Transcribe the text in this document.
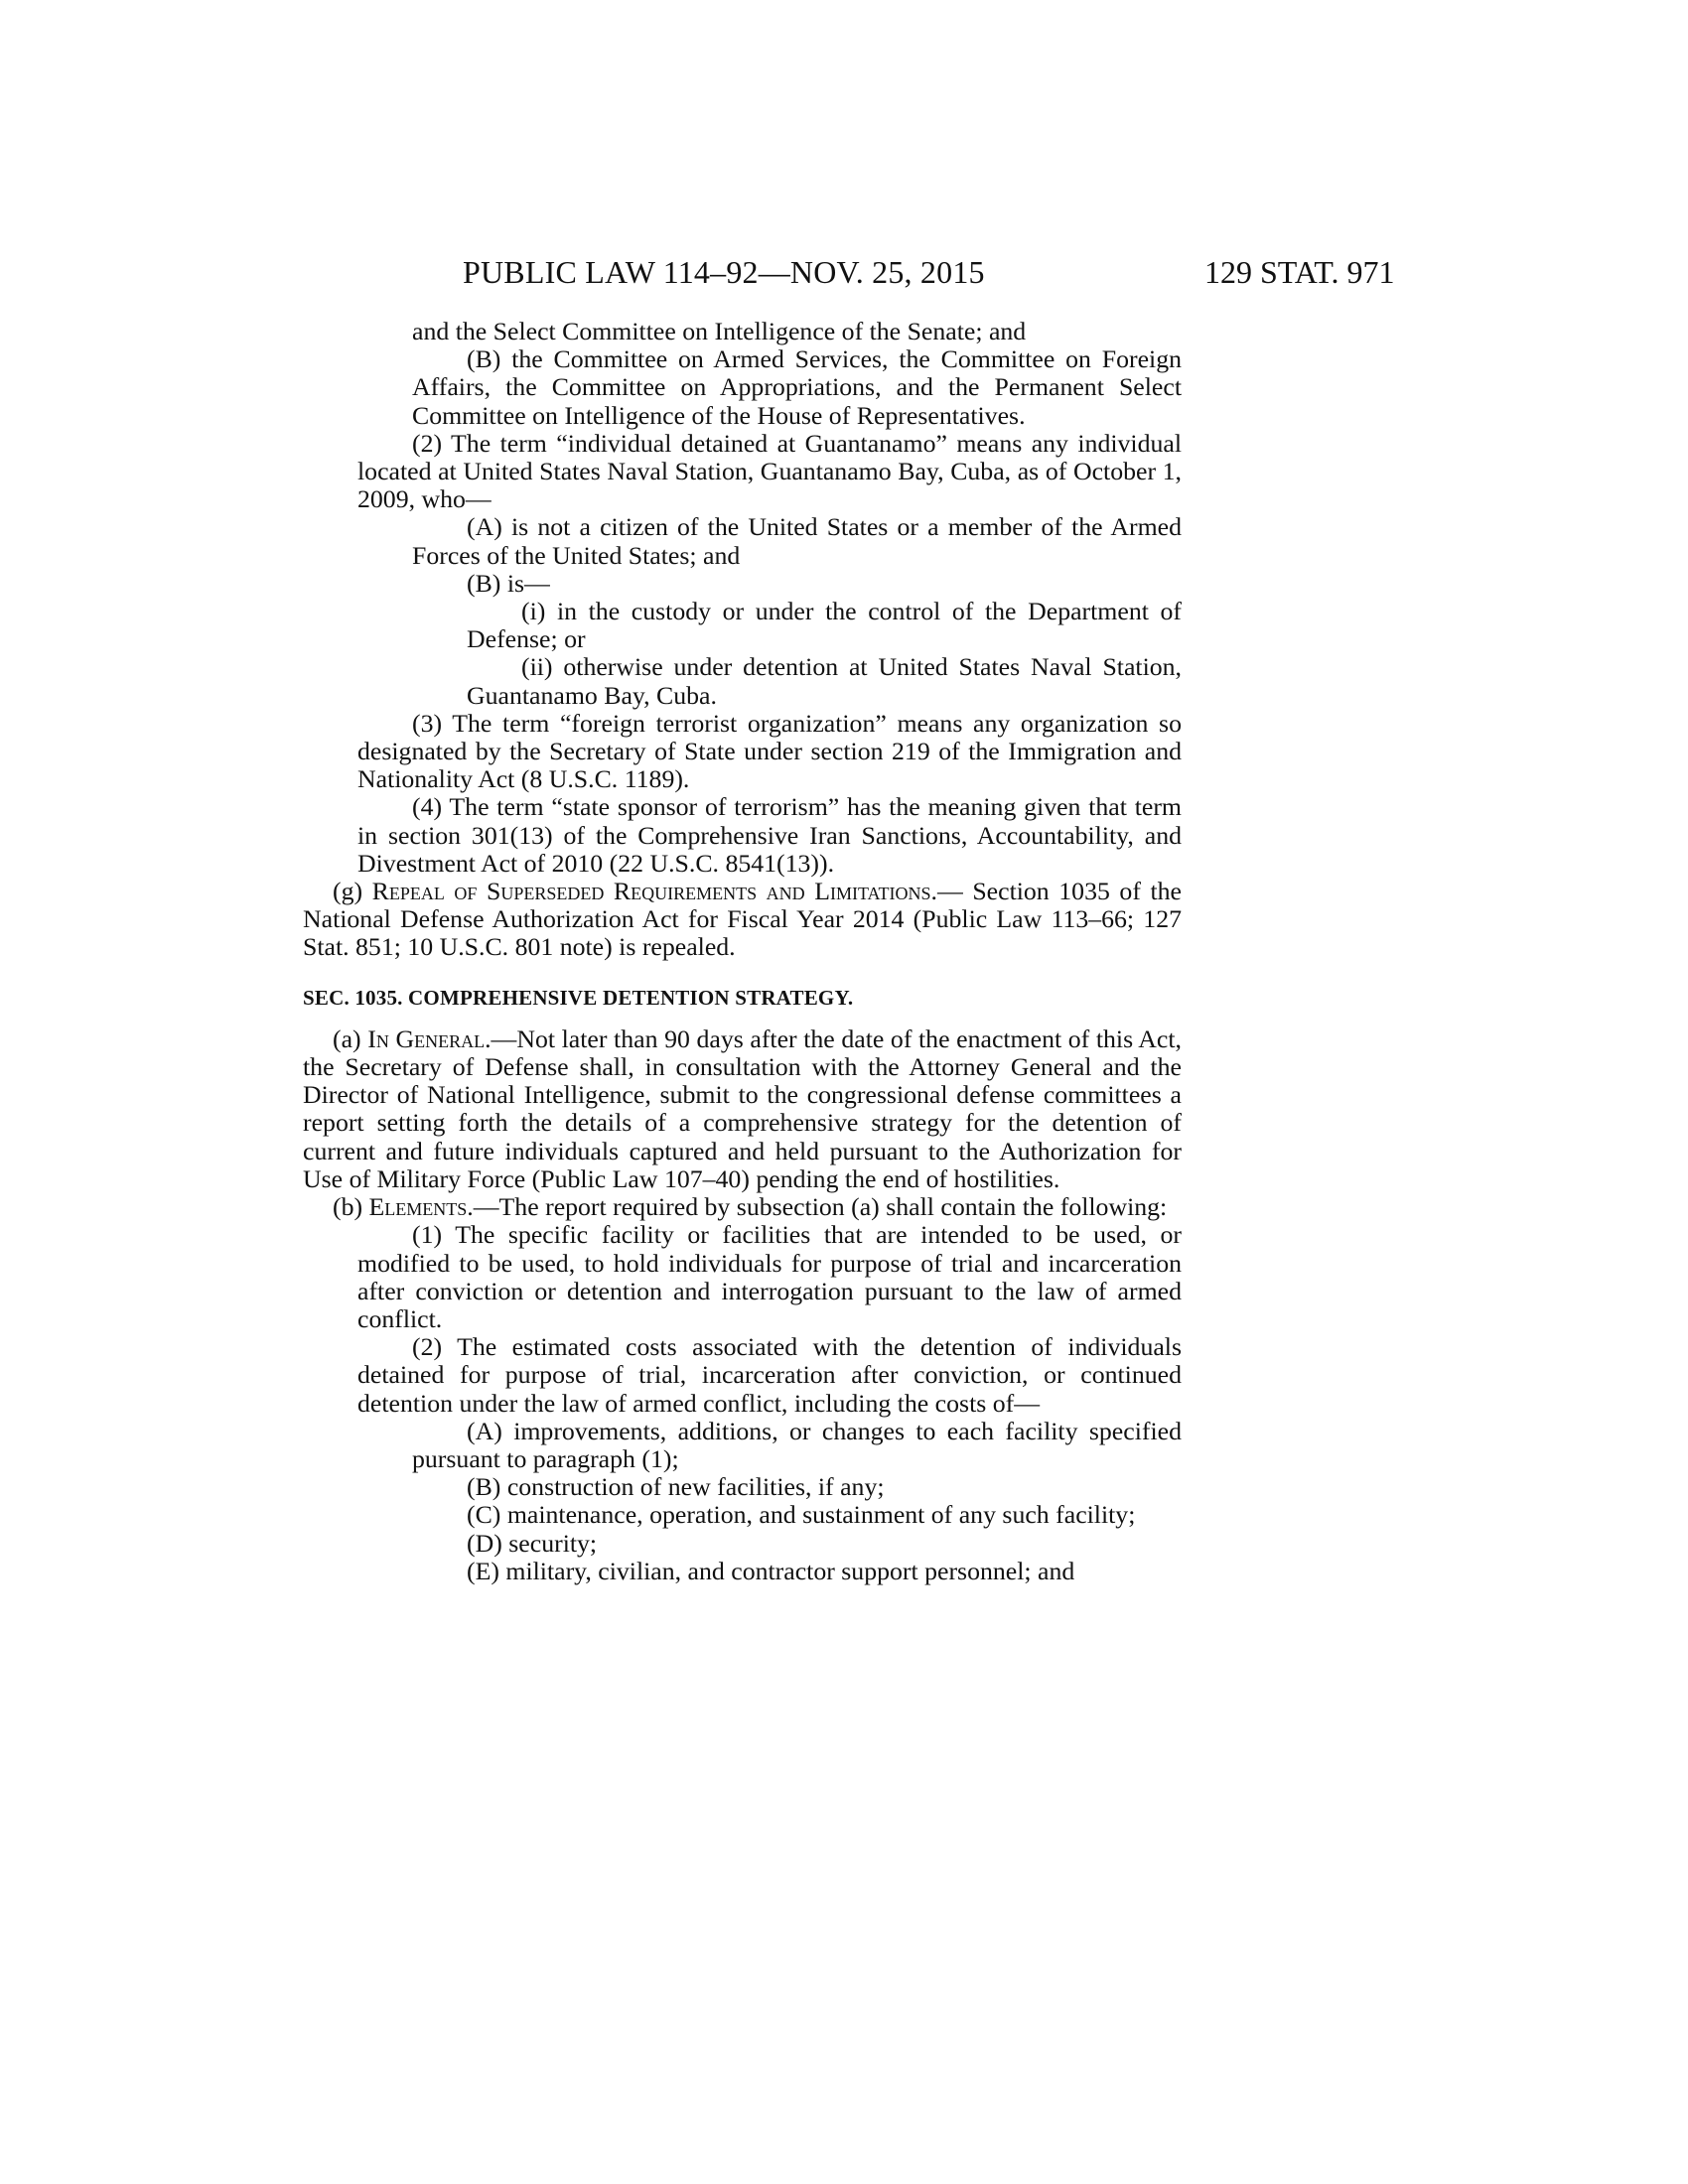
PUBLIC LAW 114–92—NOV. 25, 2015	129 STAT. 971
and the Select Committee on Intelligence of the Senate; and
(B) the Committee on Armed Services, the Committee on Foreign Affairs, the Committee on Appropriations, and the Permanent Select Committee on Intelligence of the House of Representatives.
(2) The term “individual detained at Guantanamo” means any individual located at United States Naval Station, Guantanamo Bay, Cuba, as of October 1, 2009, who—
(A) is not a citizen of the United States or a member of the Armed Forces of the United States; and
(B) is—
(i) in the custody or under the control of the Department of Defense; or
(ii) otherwise under detention at United States Naval Station, Guantanamo Bay, Cuba.
(3) The term “foreign terrorist organization” means any organization so designated by the Secretary of State under section 219 of the Immigration and Nationality Act (8 U.S.C. 1189).
(4) The term “state sponsor of terrorism” has the meaning given that term in section 301(13) of the Comprehensive Iran Sanctions, Accountability, and Divestment Act of 2010 (22 U.S.C. 8541(13)).
(g) Repeal of Superseded Requirements and Limitations.— Section 1035 of the National Defense Authorization Act for Fiscal Year 2014 (Public Law 113–66; 127 Stat. 851; 10 U.S.C. 801 note) is repealed.
SEC. 1035. COMPREHENSIVE DETENTION STRATEGY.
(a) In General.—Not later than 90 days after the date of the enactment of this Act, the Secretary of Defense shall, in consultation with the Attorney General and the Director of National Intelligence, submit to the congressional defense committees a report setting forth the details of a comprehensive strategy for the detention of current and future individuals captured and held pursuant to the Authorization for Use of Military Force (Public Law 107–40) pending the end of hostilities.
(b) Elements.—The report required by subsection (a) shall contain the following:
(1) The specific facility or facilities that are intended to be used, or modified to be used, to hold individuals for purpose of trial and incarceration after conviction or detention and interrogation pursuant to the law of armed conflict.
(2) The estimated costs associated with the detention of individuals detained for purpose of trial, incarceration after conviction, or continued detention under the law of armed conflict, including the costs of—
(A) improvements, additions, or changes to each facility specified pursuant to paragraph (1);
(B) construction of new facilities, if any;
(C) maintenance, operation, and sustainment of any such facility;
(D) security;
(E) military, civilian, and contractor support personnel; and
